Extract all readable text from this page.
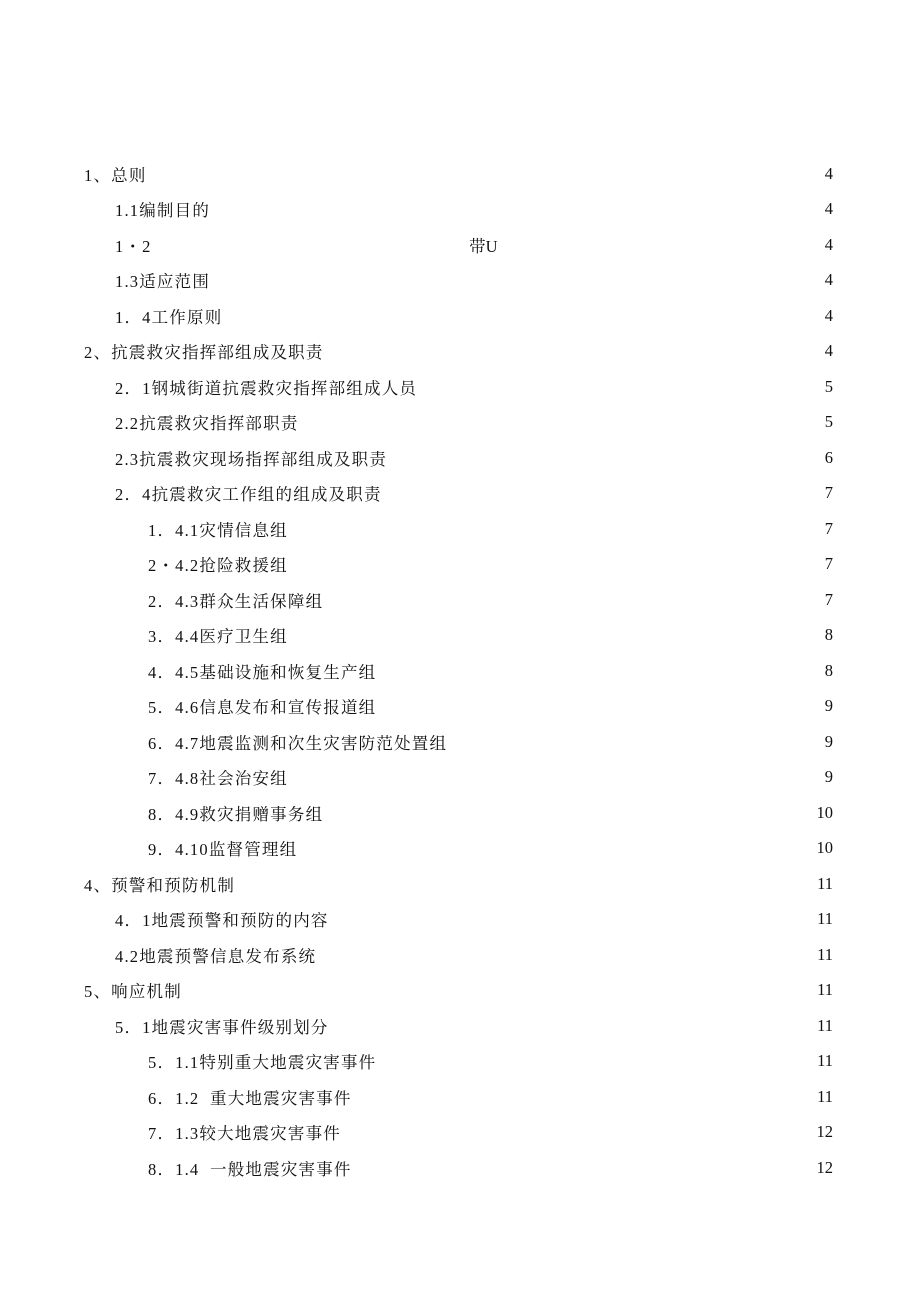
1、总则	4
1.1编制目的	4
1・2	带U	4
1.3适应范围	4
1．4工作原则	4
2、抗震救灾指挥部组成及职责	4
2．1钢城街道抗震救灾指挥部组成人员	5
2.2抗震救灾指挥部职责	5
2.3抗震救灾现场指挥部组成及职责	6
2．4抗震救灾工作组的组成及职责	7
1．4.1灾情信息组	7
2・4.2抢险救援组	7
2．4.3群众生活保障组	7
3．4.4医疗卫生组	8
4．4.5基础设施和恢复生产组	8
5．4.6信息发布和宣传报道组	9
6．4.7地震监测和次生灾害防范处置组	9
7．4.8社会治安组	9
8．4.9救灾捐赠事务组	10
9．4.10监督管理组	10
4、预警和预防机制	11
4．1地震预警和预防的内容	11
4.2地震预警信息发布系统	11
5、响应机制	11
5．1地震灾害事件级别划分	11
5．1.1特别重大地震灾害事件	11
6．1.2  重大地震灾害事件	11
7．1.3较大地震灾害事件	12
8．1.4  一般地震灾害事件	12
